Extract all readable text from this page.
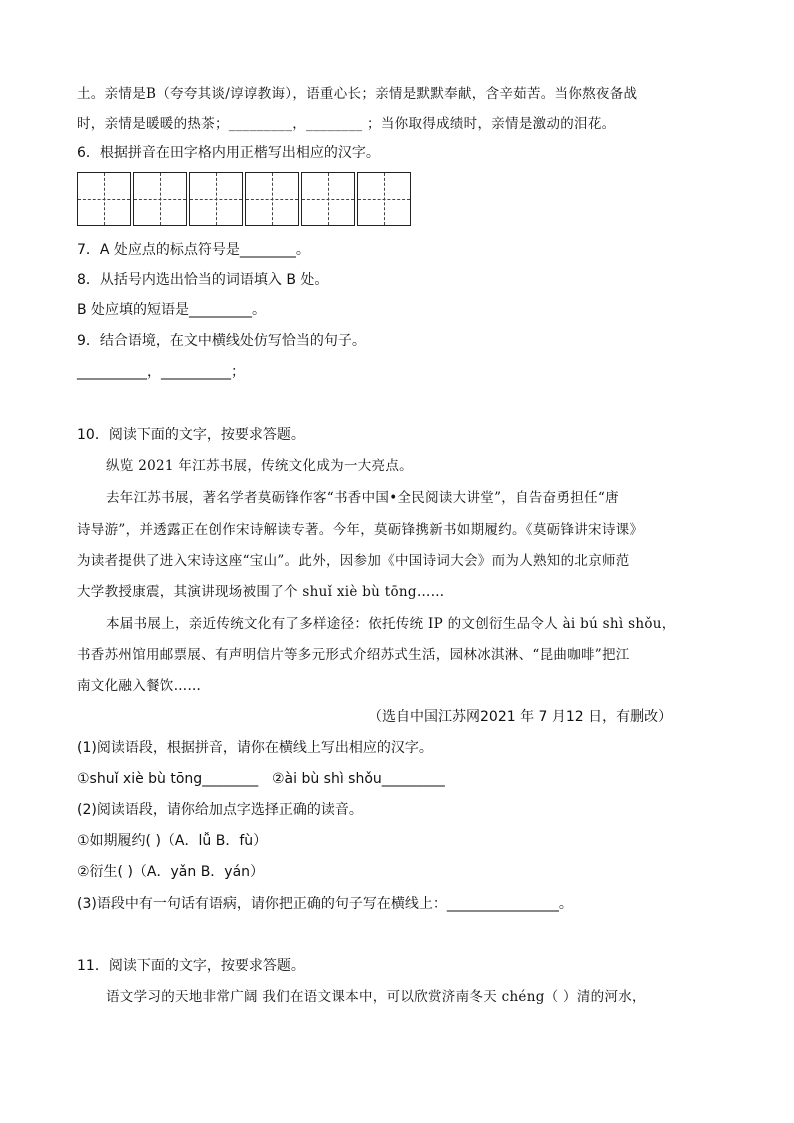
土。亲情是B（夸夸其谈/谆谆教诲），语重心长；亲情是默默奉献，含辛茹苦。当你熬夜备战
时，亲情是暖暖的热茶；_________，________ ；当你取得成绩时，亲情是激动的泪花。
6．根据拼音在田字格内用正楷写出相应的汉字。
7．A 处应点的标点符号是________。
8．从括号内选出恰当的词语填入 B 处。
B 处应填的短语是_________。
9．结合语境，在文中横线处仿写恰当的句子。
__________，__________；
10．阅读下面的文字，按要求答题。
纵览 2021 年江苏书展，传统文化成为一大亮点。
去年江苏书展，著名学者莫砺锋作客“书香中国•全民阅读大讲堂”，自告奋勇担任“唐
诗导游”，并透露正在创作宋诗解读专著。今年，莫砺锋携新书如期履约。《莫砺锋讲宋诗课》
为读者提供了进入宋诗这座“宝山”。此外，因参加《中国诗词大会》而为人熟知的北京师范
大学教授康震，其演讲现场被围了个 shuǐ xiè bù tōng……
本届书展上，亲近传统文化有了多样途径：依托传统 IP 的文创衍生品令人 ài bú shì shǒu，
书香苏州馆用邮票展、有声明信片等多元形式介绍苏式生活，园林冰淇淋、“昆曲咖啡”把江
南文化融入餐饮……
（选自中国江苏网2021 年 7 月12 日，有删改）
(1)阅读语段，根据拼音，请你在横线上写出相应的汉字。
①shuǐ xiè bù tōng________ ②ài bù shì shǒu_________
(2)阅读语段，请你给加点字选择正确的读音。
①如期履约( )（A．lǚ B．fù）
②衍生( )（A．yǎn B．yán）
(3)语段中有一句话有语病，请你把正确的句子写在横线上：________________。
11．阅读下面的文字，按要求答题。
语文学习的天地非常广阔 我们在语文课本中，可以欣赏济南冬天 chéng（ ）清的河水，
